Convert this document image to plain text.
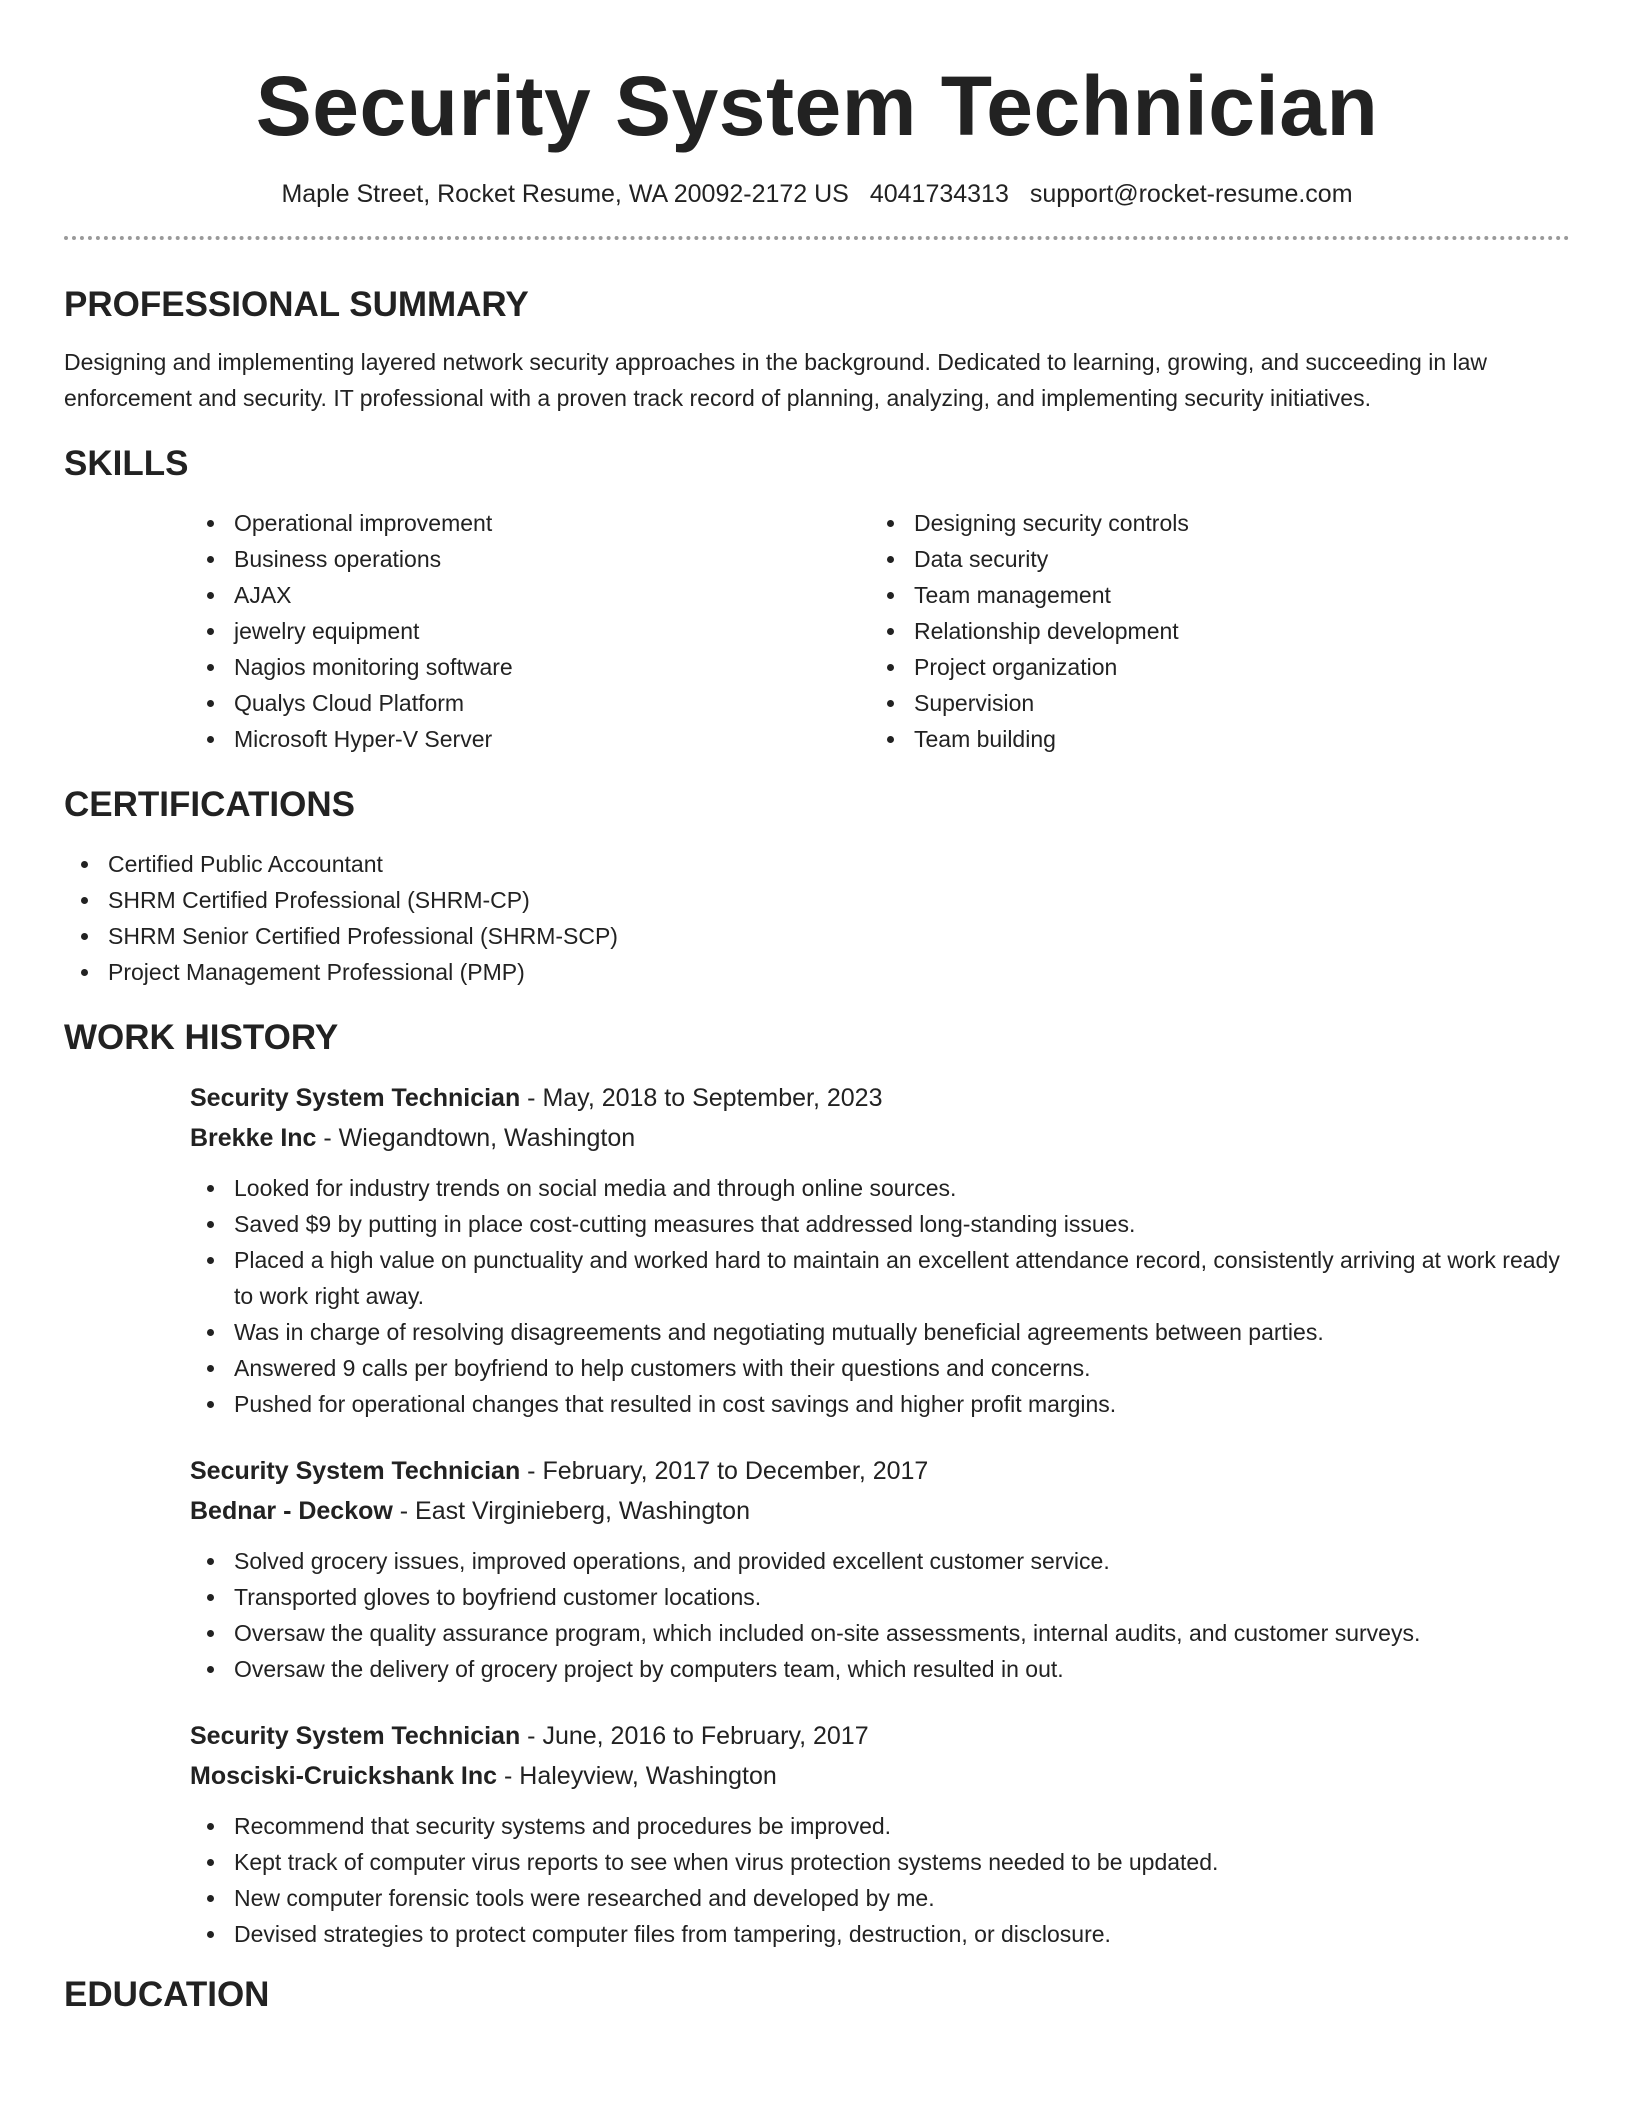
Security System Technician
Maple Street, Rocket Resume, WA 20092-2172 US 4041734313 support@rocket-resume.com
PROFESSIONAL SUMMARY

Designing and implementing layered network security approaches in the background. Dedicated to learning, growing, and succeeding in law enforcement and security. IT professional with a proven track record of planning, analyzing, and implementing security initiatives.

SKILLS
Operational improvement
Business operations
AJAX
jewelry equipment
Nagios monitoring software
Qualys Cloud Platform
Microsoft Hyper-V Server
Designing security controls
Data security
Team management
Relationship development
Project organization
Supervision
Team building
CERTIFICATIONS
Certified Public Accountant
SHRM Certified Professional (SHRM-CP)
SHRM Senior Certified Professional (SHRM-SCP)
Project Management Professional (PMP)
WORK HISTORY
Security System Technician - May, 2018 to September, 2023
Brekke Inc - Wiegandtown, Washington
Looked for industry trends on social media and through online sources.
Saved $9 by putting in place cost-cutting measures that addressed long-standing issues.
Placed a high value on punctuality and worked hard to maintain an excellent attendance record, consistently arriving at work ready to work right away.
Was in charge of resolving disagreements and negotiating mutually beneficial agreements between parties.
Answered 9 calls per boyfriend to help customers with their questions and concerns.
Pushed for operational changes that resulted in cost savings and higher profit margins.
Security System Technician - February, 2017 to December, 2017
Bednar - Deckow - East Virginieberg, Washington
Solved grocery issues, improved operations, and provided excellent customer service.
Transported gloves to boyfriend customer locations.
Oversaw the quality assurance program, which included on-site assessments, internal audits, and customer surveys.
Oversaw the delivery of grocery project by computers team, which resulted in out.
Security System Technician - June, 2016 to February, 2017
Mosciski-Cruickshank Inc - Haleyview, Washington
Recommend that security systems and procedures be improved.
Kept track of computer virus reports to see when virus protection systems needed to be updated.
New computer forensic tools were researched and developed by me.
Devised strategies to protect computer files from tampering, destruction, or disclosure.
EDUCATION
